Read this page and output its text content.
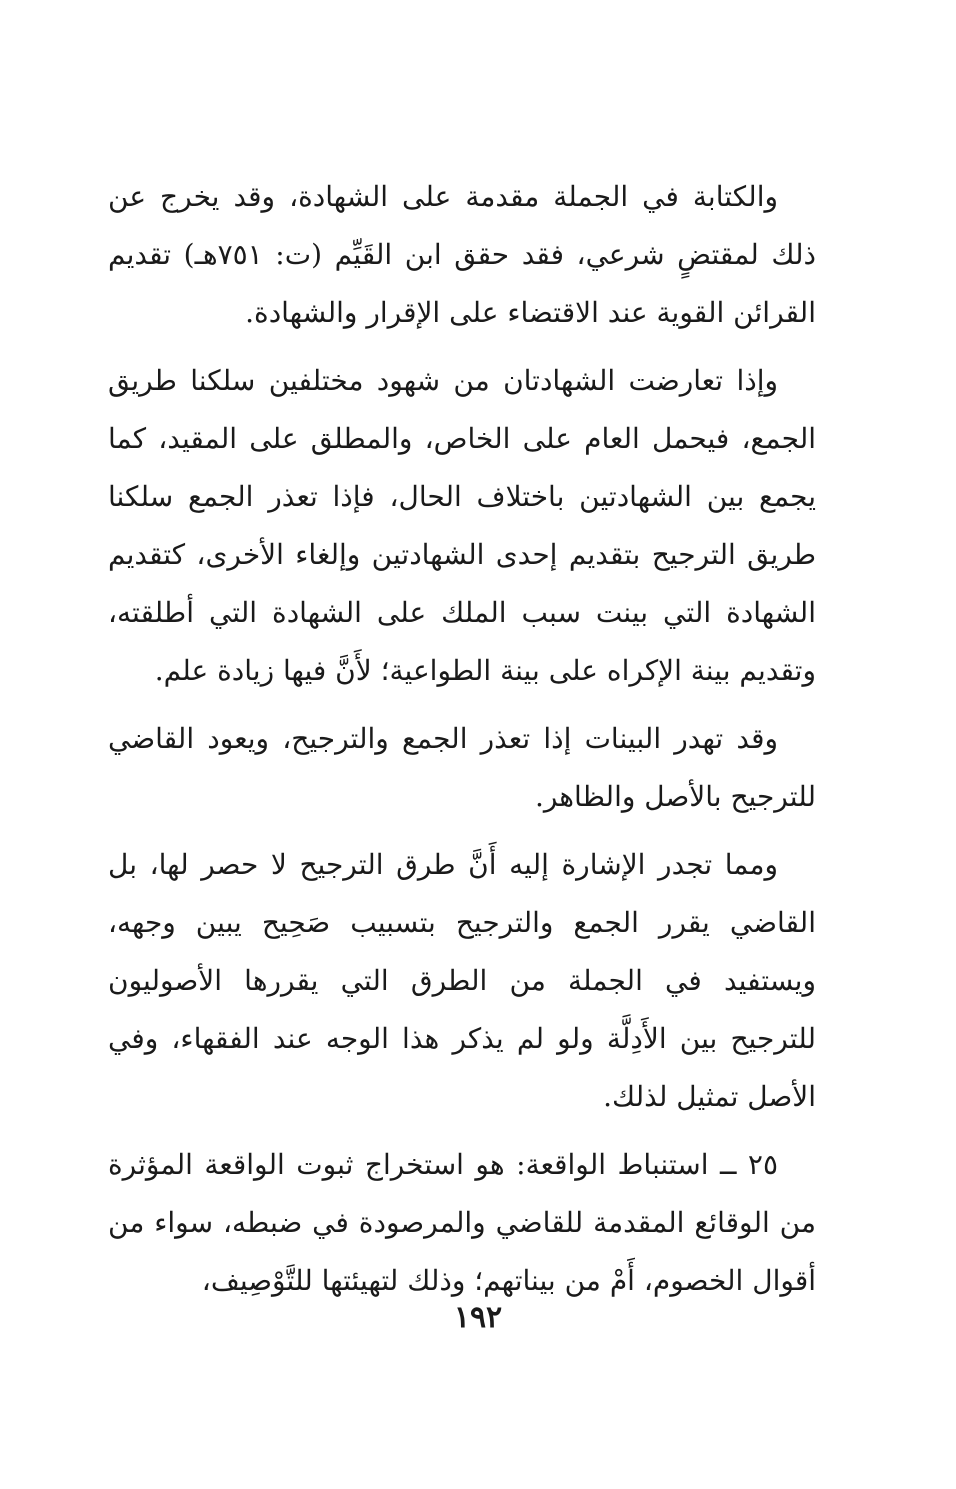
والكتابة في الجملة مقدمة على الشهادة، وقد يخرج عن ذلك لمقتضٍ شرعي، فقد حقق ابن القَيِّم (ت: ٧٥١هـ) تقديم القرائن القوية عند الاقتضاء على الإقرار والشهادة.

وإذا تعارضت الشهادتان من شهود مختلفين سلكنا طريق الجمع، فيحمل العام على الخاص، والمطلق على المقيد، كما يجمع بين الشهادتين باختلاف الحال، فإذا تعذر الجمع سلكنا طريق الترجيح بتقديم إحدى الشهادتين وإلغاء الأخرى، كتقديم الشهادة التي بينت سبب الملك على الشهادة التي أطلقته، وتقديم بينة الإكراه على بينة الطواعية؛ لأَنَّ فيها زيادة علم.

وقد تهدر البينات إذا تعذر الجمع والترجيح، ويعود القاضي للترجيح بالأصل والظاهر.

ومما تجدر الإشارة إليه أَنَّ طرق الترجيح لا حصر لها، بل القاضي يقرر الجمع والترجيح بتسبيب صَحِيح يبين وجهه، ويستفيد في الجملة من الطرق التي يقررها الأصوليون للترجيح بين الأَدِلَّة ولو لم يذكر هذا الوجه عند الفقهاء، وفي الأصل تمثيل لذلك.

٢٥ ــ استنباط الواقعة: هو استخراج ثبوت الواقعة المؤثرة من الوقائع المقدمة للقاضي والمرصودة في ضبطه، سواء من أقوال الخصوم، أَمْ من بيناتهم؛ وذلك لتهيئتها للتَّوْصِيف،

١٩٢
